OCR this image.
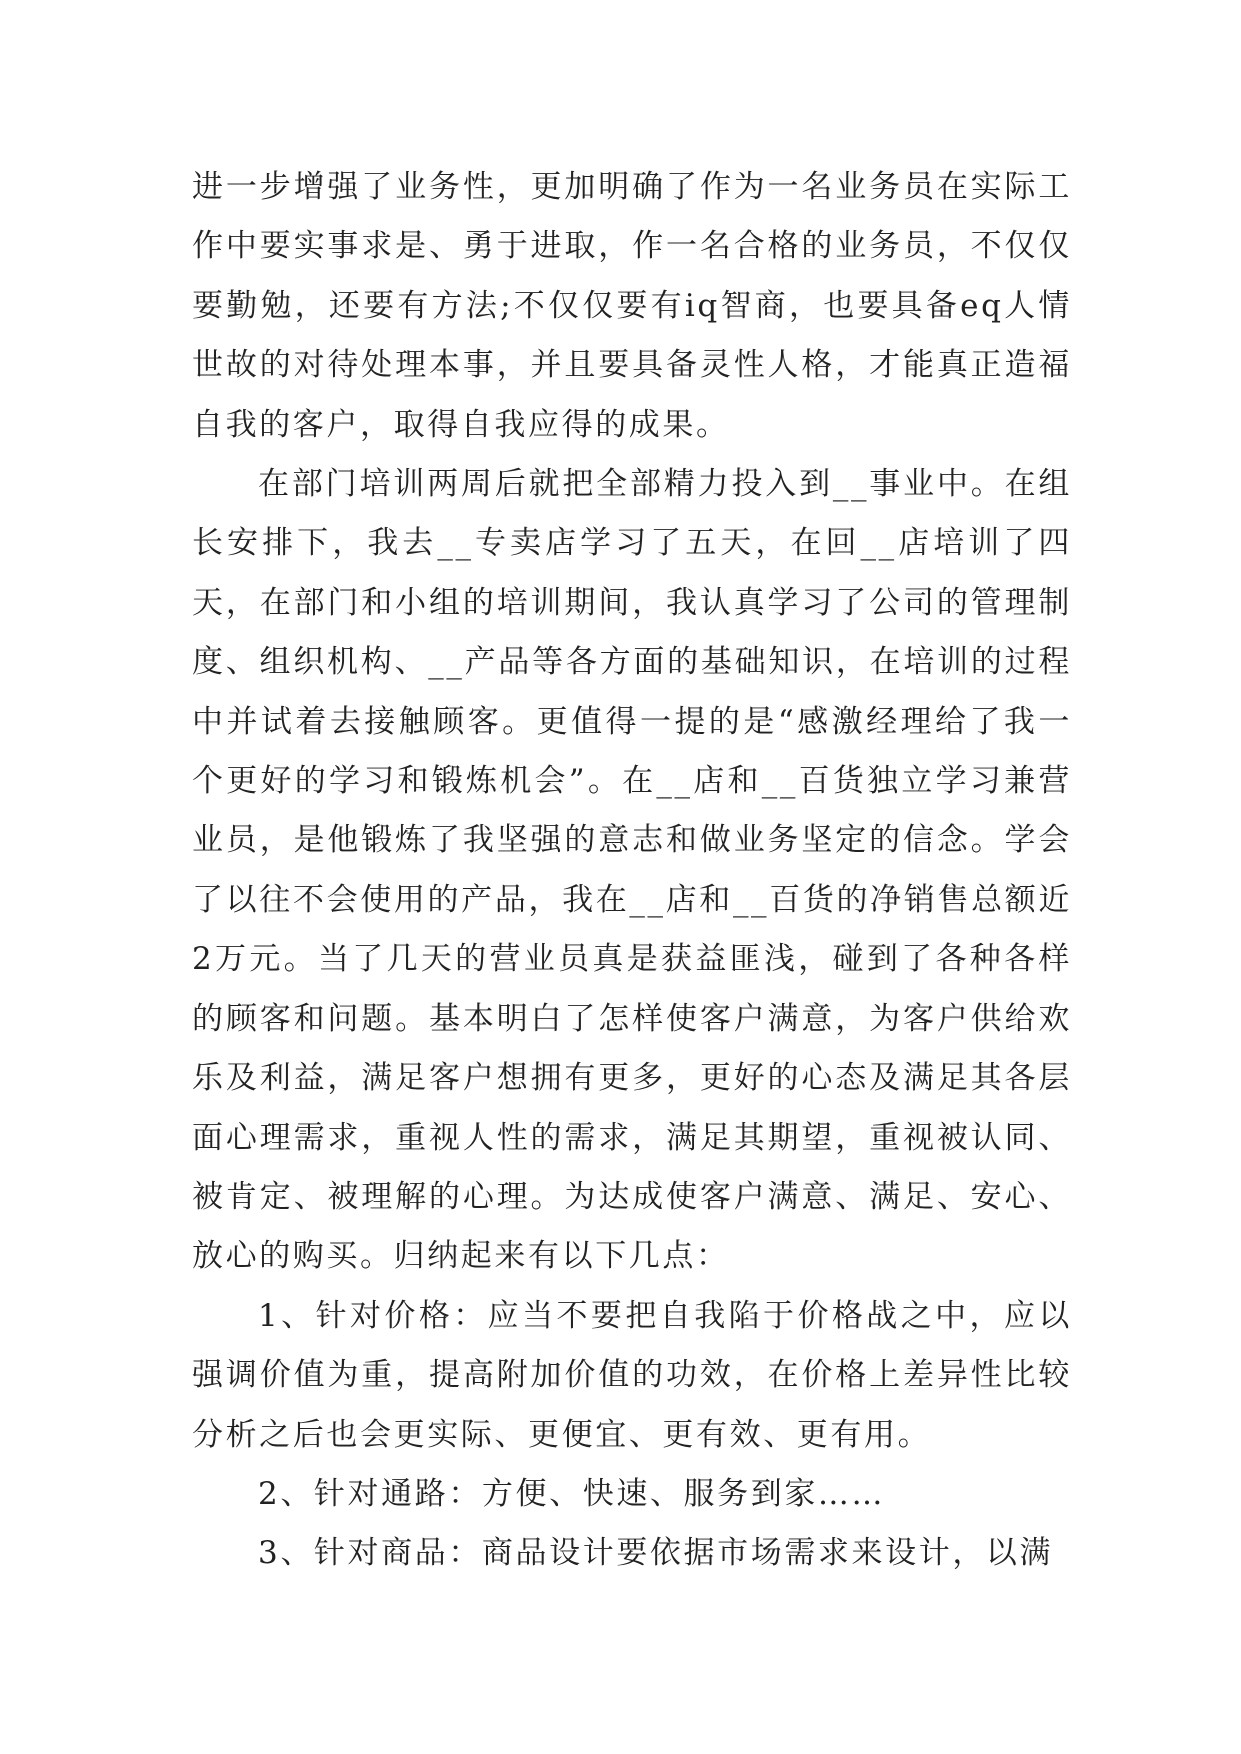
进一步增强了业务性，更加明确了作为一名业务员在实际工作中要实事求是、勇于进取，作一名合格的业务员，不仅仅要勤勉，还要有方法;不仅仅要有iq智商，也要具备eq人情世故的对待处理本事，并且要具备灵性人格，才能真正造福自我的客户，取得自我应得的成果。

在部门培训两周后就把全部精力投入到__事业中。在组长安排下，我去__专卖店学习了五天，在回__店培训了四天，在部门和小组的培训期间，我认真学习了公司的管理制度、组织机构、__产品等各方面的基础知识，在培训的过程中并试着去接触顾客。更值得一提的是“感激经理给了我一个更好的学习和锻炼机会”。在__店和__百货独立学习兼营业员，是他锻炼了我坚强的意志和做业务坚定的信念。学会了以往不会使用的产品，我在__店和__百货的净销售总额近2万元。当了几天的营业员真是获益匪浅，碰到了各种各样的顾客和问题。基本明白了怎样使客户满意，为客户供给欢乐及利益，满足客户想拥有更多，更好的心态及满足其各层面心理需求，重视人性的需求，满足其期望，重视被认同、被肯定、被理解的心理。为达成使客户满意、满足、安心、放心的购买。归纳起来有以下几点：

1、针对价格：应当不要把自我陷于价格战之中，应以强调价值为重，提高附加价值的功效，在价格上差异性比较分析之后也会更实际、更便宜、更有效、更有用。

2、针对通路：方便、快速、服务到家……

3、针对商品：商品设计要依据市场需求来设计，以满
